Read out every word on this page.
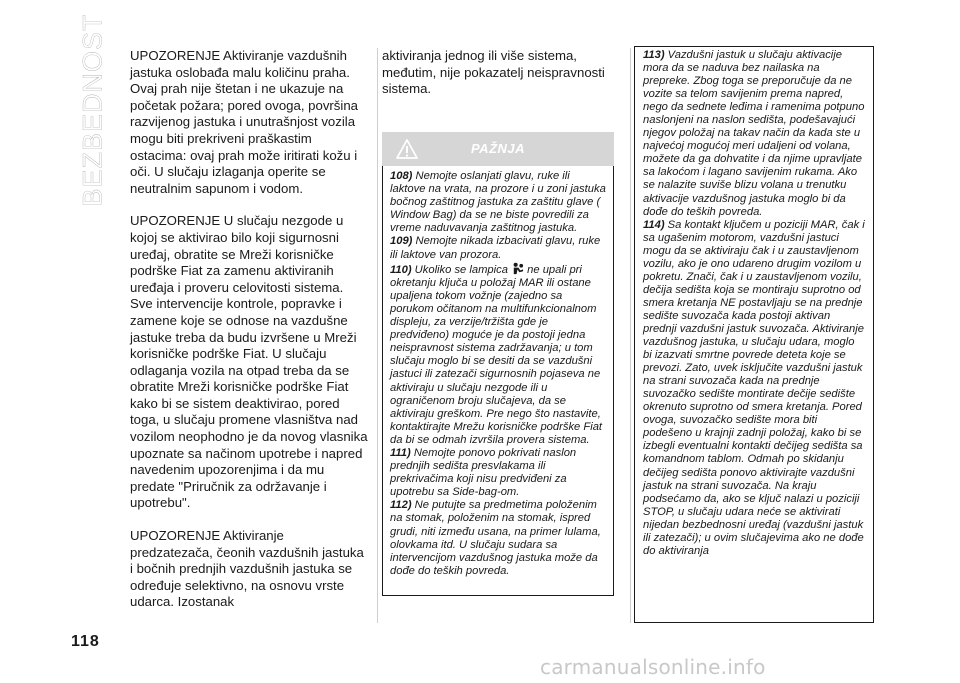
BEZBEDNOST UPOZORENJE Aktiviranje vazdušnih jastuka oslobađa malu količinu praha. Ovaj prah nije štetan i ne ukazuje na početak požara; pored ovoga, površina razvijenog jastuka i unutrašnjost vozila mogu biti prekriveni praškastim ostacima: ovaj prah može iritirati kožu i oči. U slučaju izlaganja operite se neutralnim sapunom i vodom.

UPOZORENJE U slučaju nezgode u kojoj se aktivirao bilo koji sigurnosni uređaj, obratite se Mreži korisničke podrške Fiat za zamenu aktiviranih uređaja i proveru celovitosti sistema. Sve intervencije kontrole, popravke i zamene koje se odnose na vazdušne jastuke treba da budu izvršene u Mreži korisničke podrške Fiat. U slučaju odlaganja vozila na otpad treba da se obratite Mreži korisničke podrške Fiat kako bi se sistem deaktivirao, pored toga, u slučaju promene vlasništva nad vozilom neophodno je da novog vlasnika upoznate sa načinom upotrebe i napred navedenim upozorenjima i da mu predate "Priručnik za održavanje i upotrebu".

UPOZORENJE Aktiviranje predzatezača, čeonih vazdušnih jastuka i bočnih prednjih vazdušnih jastuka se određuje selektivno, na osnovu vrste udarca. Izostanak

aktiviranja jednog ili više sistema, međutim, nije pokazatelj neispravnosti sistema.

PAŽNJA
108) Nemojte oslanjati glavu, ruke ili laktove na vrata, na prozore i u zoni jastuka bočnog zaštitnog jastuka za zaštitu glave ( Window Bag) da se ne biste povredili za vreme naduvavanja zaštitnog jastuka.
109) Nemojte nikada izbacivati glavu, ruke ili laktove van prozora.
110) Ukoliko se lampica  ne upali pri okretanju ključa u položaj MAR ili ostane upaljena tokom vožnje (zajedno sa porukom očitanom na multifunkcionalnom displeju, za verzije/tržišta gde je predviđeno) moguće je da postoji jedna neispravnost sistema zadržavanja; u tom slučaju moglo bi se desiti da se vazdušni jastuci ili zatezači sigurnosnih pojaseva ne aktiviraju u slučaju nezgode ili u ograničenom broju slučajeva, da se aktiviraju greškom. Pre nego što nastavite, kontaktirajte Mrežu korisničke podrške Fiat da bi se odmah izvršila provera sistema.
111) Nemojte ponovo pokrivati naslon prednjih sedišta presvlakama ili prekrivačima koji nisu predviđeni za upotrebu sa Side-bag-om.
112) Ne putujte sa predmetima položenim na stomak, položenim na stomak, ispred grudi, niti između usana, na primer lulama, olovkama itd. U slučaju sudara sa intervencijom vazdušnog jastuka može da dođe do teških povreda.
113) Vazdušni jastuk u slučaju aktivacije mora da se naduva bez nailaska na prepreke. Zbog toga se preporučuje da ne vozite sa telom savijenim prema napred, nego da sednete leđima i ramenima potpuno naslonjeni na naslon sedišta, podešavajući njegov položaj na takav način da kada ste u najvećoj mogućoj meri udaljeni od volana, možete da ga dohvatite i da njime upravljate sa lakoćom i lagano savijenim rukama. Ako se nalazite suviše blizu volana u trenutku aktivacije vazdušnog jastuka moglo bi da dođe do teških povreda.
114) Sa kontakt ključem u poziciji MAR, čak i sa ugašenim motorom, vazdušni jastuci mogu da se aktiviraju čak i u zaustavljenom vozilu, ako je ono udareno drugim vozilom u pokretu. Znači, čak i u zaustavljenom vozilu, dečija sedišta koja se montiraju suprotno od smera kretanja NE postavljaju se na prednje sedište suvozača kada postoji aktivan prednji vazdušni jastuk suvozača. Aktiviranje vazdušnog jastuka, u slučaju udara, moglo bi izazvati smrtne povrede deteta koje se prevozi. Zato, uvek isključite vazdušni jastuk na strani suvozača kada na prednje suvozačko sedište montirate dečije sedište okrenuto suprotno od smera kretanja. Pored ovoga, suvozačko sedište mora biti podešeno u krajnji zadnji položaj, kako bi se izbegli eventualni kontakti dečijeg sedišta sa komandnom tablom. Odmah po skidanju dečijeg sedišta ponovo aktivirajte vazdušni jastuk na strani suvozača. Na kraju podsećamo da, ako se ključ nalazi u poziciji STOP, u slučaju udara neće se aktivirati nijedan bezbednosni uređaj (vazdušni jastuk ili zatezači); u ovim slučajevima ako ne dođe do aktiviranja
118
carmanualsonline.info
